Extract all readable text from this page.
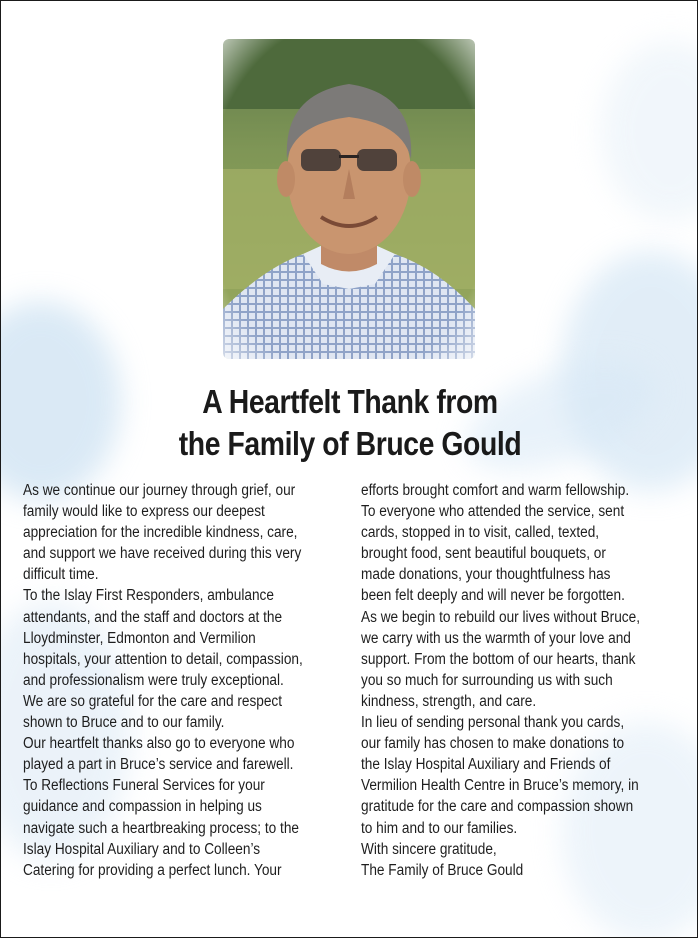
A Heartfelt Thank from
the Family of Bruce Gould

As we continue our journey through grief, our

family would like to express our deepest

appreciation for the incredible kindness, care,

and support we have received during this very

difficult time.

To the Islay First Responders, ambulance

attendants, and the staff and doctors at the

Lloydminster, Edmonton and Vermilion

hospitals, your attention to detail, compassion,

and professionalism were truly exceptional.

We are so grateful for the care and respect

shown to Bruce and to our family.

Our heartfelt thanks also go to everyone who

played a part in Bruce’s service and farewell.

To Reflections Funeral Services for your

guidance and compassion in helping us

navigate such a heartbreaking process; to the

Islay Hospital Auxiliary and to Colleen’s

Catering for providing a perfect lunch. Your

efforts brought comfort and warm fellowship.

To everyone who attended the service, sent

cards, stopped in to visit, called, texted,

brought food, sent beautiful bouquets, or

made donations, your thoughtfulness has

been felt deeply and will never be forgotten.

As we begin to rebuild our lives without Bruce,

we carry with us the warmth of your love and

support. From the bottom of our hearts, thank

you so much for surrounding us with such

kindness, strength, and care.

In lieu of sending personal thank you cards,

our family has chosen to make donations to

the Islay Hospital Auxiliary and Friends of

Vermilion Health Centre in Bruce’s memory, in

gratitude for the care and compassion shown

to him and to our families.

With sincere gratitude,

The Family of Bruce Gould
